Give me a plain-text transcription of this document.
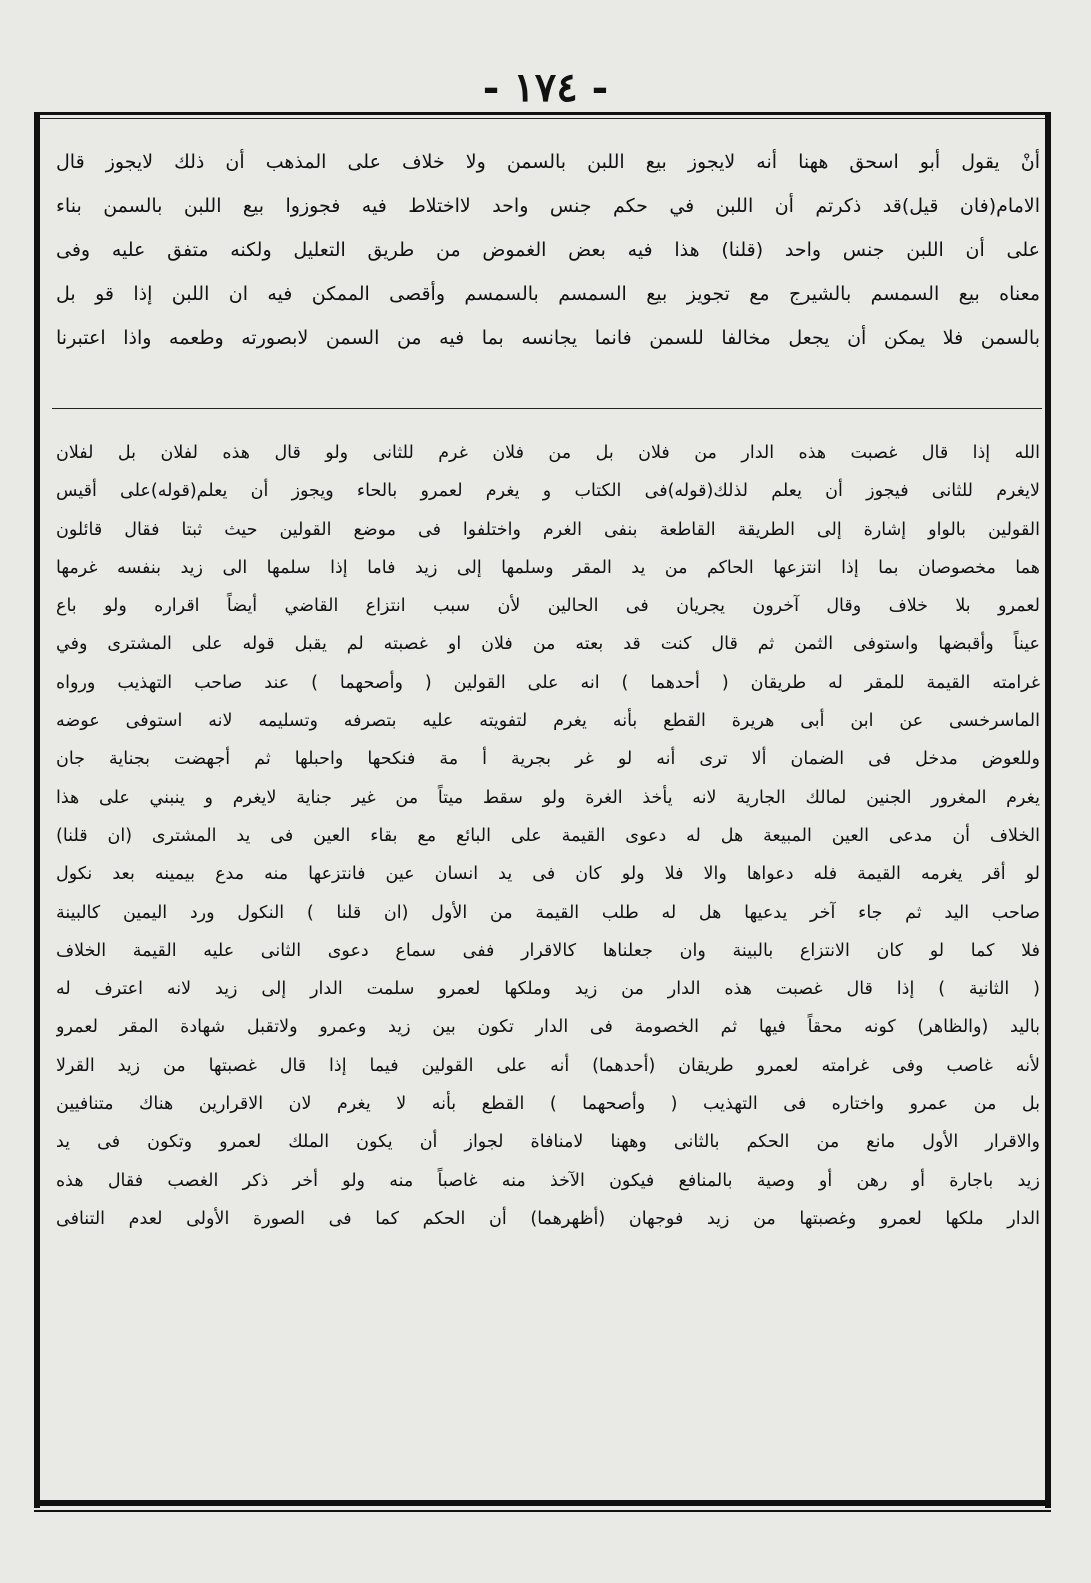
- ١٧٤ -
أنْ يقول أبو اسحق ههنا أنه لايجوز بيع اللبن بالسمن ولا خلاف على المذهب أن ذلك لايجوز قال
الامام(فان قيل)قد ذكرتم أن اللبن في حكم جنس واحد لااختلاط فيه فجوزوا بيع اللبن بالسمن بناء
على أن اللبن جنس واحد (قلنا) هذا فيه بعض الغموض من طريق التعليل ولكنه متفق عليه وفى
معناه بيع السمسم بالشيرج مع تجويز بيع السمسم بالسمسم وأقصى الممكن فيه ان اللبن إذا قو بل
بالسمن فلا يمكن أن يجعل مخالفا للسمن فانما يجانسه بما فيه من السمن لابصورته وطعمه واذا اعتبرنا
الله إذا قال غصبت هذه الدار من فلان بل من فلان غرم للثانى ولو قال هذه لفلان بل لفلان
لايغرم للثانى فيجوز أن يعلم لذلك(قوله)فى الكتاب و يغرم لعمرو بالحاء ويجوز أن يعلم(قوله)على أقيس
القولين بالواو إشارة إلى الطريقة القاطعة بنفى الغرم واختلفوا فى موضع القولين حيث ثبتا فقال قائلون
هما مخصوصان بما إذا انتزعها الحاكم من يد المقر وسلمها إلى زيد فاما إذا سلمها الى زيد بنفسه غرمها
لعمرو بلا خلاف وقال آخرون يجريان فى الحالين لأن سبب انتزاع القاضي أيضاً اقراره ولو باع
عيناً وأقبضها واستوفى الثمن ثم قال كنت قد بعته من فلان او غصبته لم يقبل قوله على المشترى وفي
غرامته القيمة للمقر له طريقان ( أحدهما ) انه على القولين ( وأصحهما ) عند صاحب التهذيب ورواه
الماسرخسى عن ابن أبى هريرة القطع بأنه يغرم لتفويته عليه بتصرفه وتسليمه لانه استوفى عوضه
وللعوض مدخل فى الضمان ألا ترى أنه لو غر بجرية أ مة فنكحها واحبلها ثم أجهضت بجناية جان
يغرم المغرور الجنين لمالك الجارية لانه يأخذ الغرة ولو سقط ميتاً من غير جناية لايغرم و ينبني على هذا
الخلاف أن مدعى العين المبيعة هل له دعوى القيمة على البائع مع بقاء العين فى يد المشترى (ان قلنا)
لو أقر يغرمه القيمة فله دعواها والا فلا ولو كان فى يد انسان عين فانتزعها منه مدع بيمينه بعد نكول
صاحب اليد ثم جاء آخر يدعيها هل له طلب القيمة من الأول (ان قلنا ) النكول ورد اليمين كالبينة
فلا كما لو كان الانتزاع بالبينة وان جعلناها كالاقرار ففى سماع دعوى الثانى عليه القيمة الخلاف
( الثانية ) إذا قال غصبت هذه الدار من زيد وملكها لعمرو سلمت الدار إلى زيد لانه اعترف له
باليد (والظاهر) كونه محقاً فيها ثم الخصومة فى الدار تكون بين زيد وعمرو ولاتقبل شهادة المقر لعمرو
لأنه غاصب وفى غرامته لعمرو طريقان (أحدهما) أنه على القولين فيما إذا قال غصبتها من زيد القرلا
بل من عمرو واختاره فى التهذيب ( وأصحهما ) القطع بأنه لا يغرم لان الاقرارين هناك متنافيين
والاقرار الأول مانع من الحكم بالثانى وههنا لامنافاة لجواز أن يكون الملك لعمرو وتكون فى يد
زيد باجارة أو رهن أو وصية بالمنافع فيكون الآخذ منه غاصباً منه ولو أخر ذكر الغصب فقال هذه
الدار ملكها لعمرو وغصبتها من زيد فوجهان (أظهرهما) أن الحكم كما فى الصورة الأولى لعدم التنافى
